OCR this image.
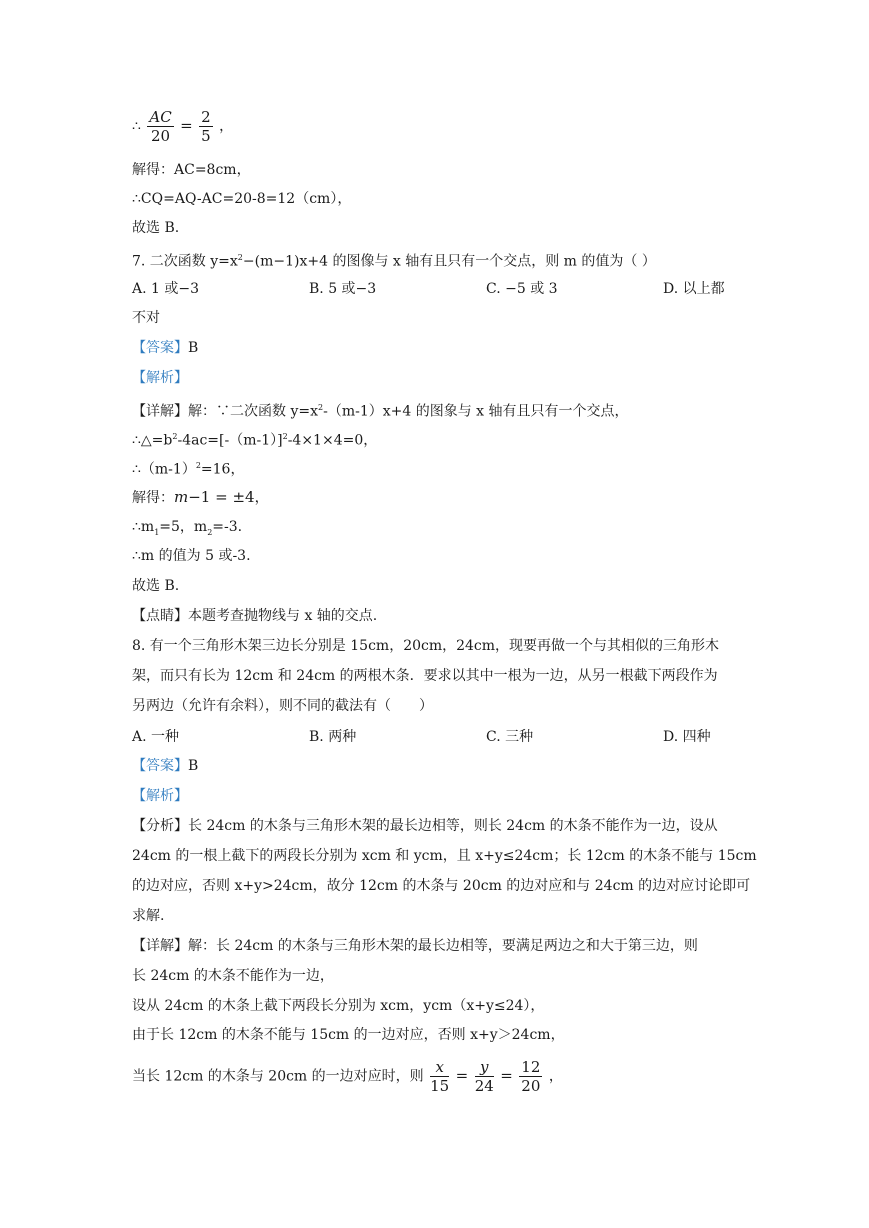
∴ $\frac{AC}{20} = \frac{2}{5}$ ，
解得：AC=8cm，
∴CQ=AQ-AC=20-8=12（cm），
故选 B.
7. 二次函数 $y=x^2-(m-1)x+4$ 的图像与 x 轴有且只有一个交点，则 m 的值为（ ）
A. 1 或−3	B. 5 或−3	C. −5 或 3	D. 以上都
不对
【答案】B
【解析】
【详解】解：∵二次函数 $y=x^2-(m-1)x+4$ 的图象与 x 轴有且只有一个交点，
$\therefore\triangle=b^2-4ac=[-(m-1)]^2-4\times 1\times 4=0$，
$\therefore(m-1)^2=16$，
解得：m−1 = ±4，
$\therefore m_1=5$，$m_2=-3$.
∴m 的值为 5 或-3.
故选 B.
【点睛】本题考查抛物线与 x 轴的交点.
8. 有一个三角形木架三边长分别是 15cm，20cm，24cm，现要再做一个与其相似的三角形木
架，而只有长为 12cm 和 24cm 的两根木条．要求以其中一根为一边，从另一根截下两段作为
另两边（允许有余料），则不同的截法有（　　）
A. 一种	B. 两种	C. 三种	D. 四种
【答案】B
【解析】
【分析】长 24cm 的木条与三角形木架的最长边相等，则长 24cm 的木条不能作为一边，设从
24cm 的一根上截下的两段长分别为 xcm 和 ycm，且 x+y≤24cm；长 12cm 的木条不能与 15cm
的边对应，否则 x+y>24cm，故分 12cm 的木条与 20cm 的边对应和与 24cm 的边对应讨论即可
求解.
【详解】解：长 24cm 的木条与三角形木架的最长边相等，要满足两边之和大于第三边，则
长 24cm 的木条不能作为一边，
设从 24cm 的木条上截下两段长分别为 xcm，ycm（x+y≤24），
由于长 12cm 的木条不能与 15cm 的一边对应，否则 x+y＞24cm，
当长 12cm 的木条与 20cm 的一边对应时，则 $\frac{x}{15} = \frac{y}{24} = \frac{12}{20}$ ，
